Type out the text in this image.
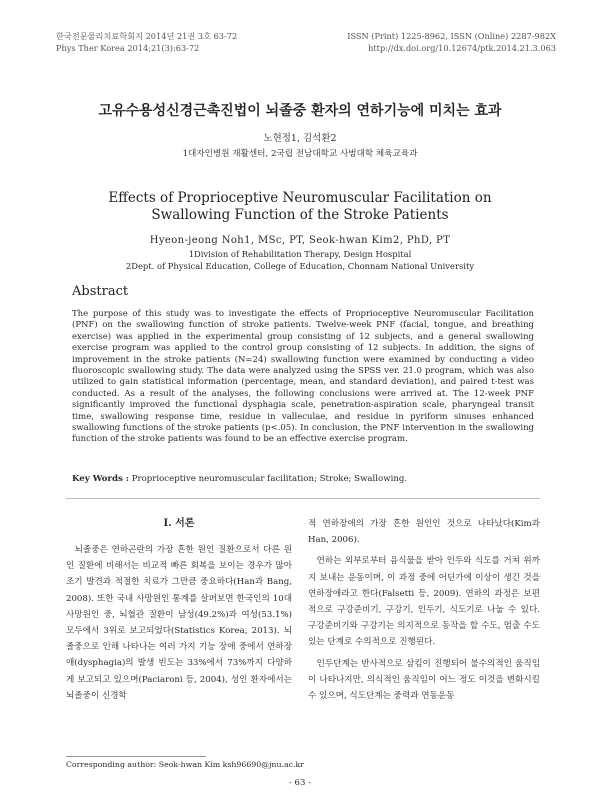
한국전문물리치료학회지 2014년 21권 3호 63-72
Phys Ther Korea 2014;21(3):63-72
ISSN (Print) 1225-8962, ISSN (Online) 2287-982X
http://dx.doi.org/10.12674/ptk.2014.21.3.063
고유수용성신경근촉진법이 뇌졸중 환자의 연하기능에 미치는 효과
노현정1, 김석환2
1대자인병원 재활센터, 2국립 전남대학교 사범대학 체육교육과
Effects of Proprioceptive Neuromuscular Facilitation on
Swallowing Function of the Stroke Patients
Hyeon-jeong Noh1, MSc, PT, Seok-hwan Kim2, PhD, PT
1Division of Rehabilitation Therapy, Design Hospital
2Dept. of Physical Education, College of Education, Chonnam National University
Abstract
The purpose of this study was to investigate the effects of Proprioceptive Neuromuscular Facilitation (PNF) on the swallowing function of stroke patients. Twelve-week PNF (facial, tongue, and breathing exercise) was applied in the experimental group consisting of 12 subjects, and a general swallowing exercise program was applied to the control group consisting of 12 subjects. In addition, the signs of improvement in the stroke patients (N=24) swallowing function were examined by conducting a video fluoroscopic swallowing study. The data were analyzed using the SPSS ver. 21.0 program, which was also utilized to gain statistical information (percentage, mean, and standard deviation), and paired t-test was conducted. As a result of the analyses, the following conclusions were arrived at. The 12-week PNF significantly improved the functional dysphagia scale, penetration-aspiration scale, pharyngeal transit time, swallowing response time, residue in valleculae, and residue in pyriform sinuses enhanced swallowing functions of the stroke patients (p<.05). In conclusion, the PNF intervention in the swallowing function of the stroke patients was found to be an effective exercise program.
Key Words : Proprioceptive neuromuscular facilitation; Stroke; Swallowing.
Ⅰ. 서론

뇌졸중은 연하곤란의 가장 흔한 원인 질환으로서 다른 원인 질환에 비해서는 비교적 빠른 회복을 보이는 경우가 많아 조기 발견과 적절한 치료가 그만큼 중요하다(Han과 Bang, 2008). 또한 국내 사망원인 통계를 살펴보면 한국인의 10대 사망원인 중, 뇌혈관 질환이 남성(49.2%)과 여성(53.1%) 모두에서 3위로 보고되었다(Statistics Korea, 2013). 뇌졸중으로 인해 나타나는 여러 가지 기능 장애 중에서 연하장애(dysphagia)의 발생 빈도는 33%에서 73%까지 다양하게 보고되고 있으며(Paciaroni 등, 2004), 성인 환자에서는 뇌졸중이 신경학

적 연하장애의 가장 흔한 원인인 것으로 나타났다(Kim과 Han, 2006).

연하는 외부로부터 음식물을 받아 인두와 식도를 거쳐 위까지 보내는 운동이며, 이 과정 중에 어딘가에 이상이 생긴 것을 연하장애라고 한다(Falsetti 등, 2009). 연하의 과정은 보편적으로 구강준비기, 구강기, 인두기, 식도기로 나눌 수 있다. 구강준비기와 구강기는 의지적으로 동작을 할 수도, 멈출 수도 있는 단계로 수의적으로 진행된다.

인두단계는 반사적으로 삼킴이 진행되어 불수의적인 움직임이 나타나지만, 의식적인 움직임이 어느 정도 이것을 변화시킬 수 있으며, 식도단계는 중력과 연동운동

Corresponding author: Seok-hwan Kim ksh96690@jnu.ac.kr
- 63 -
